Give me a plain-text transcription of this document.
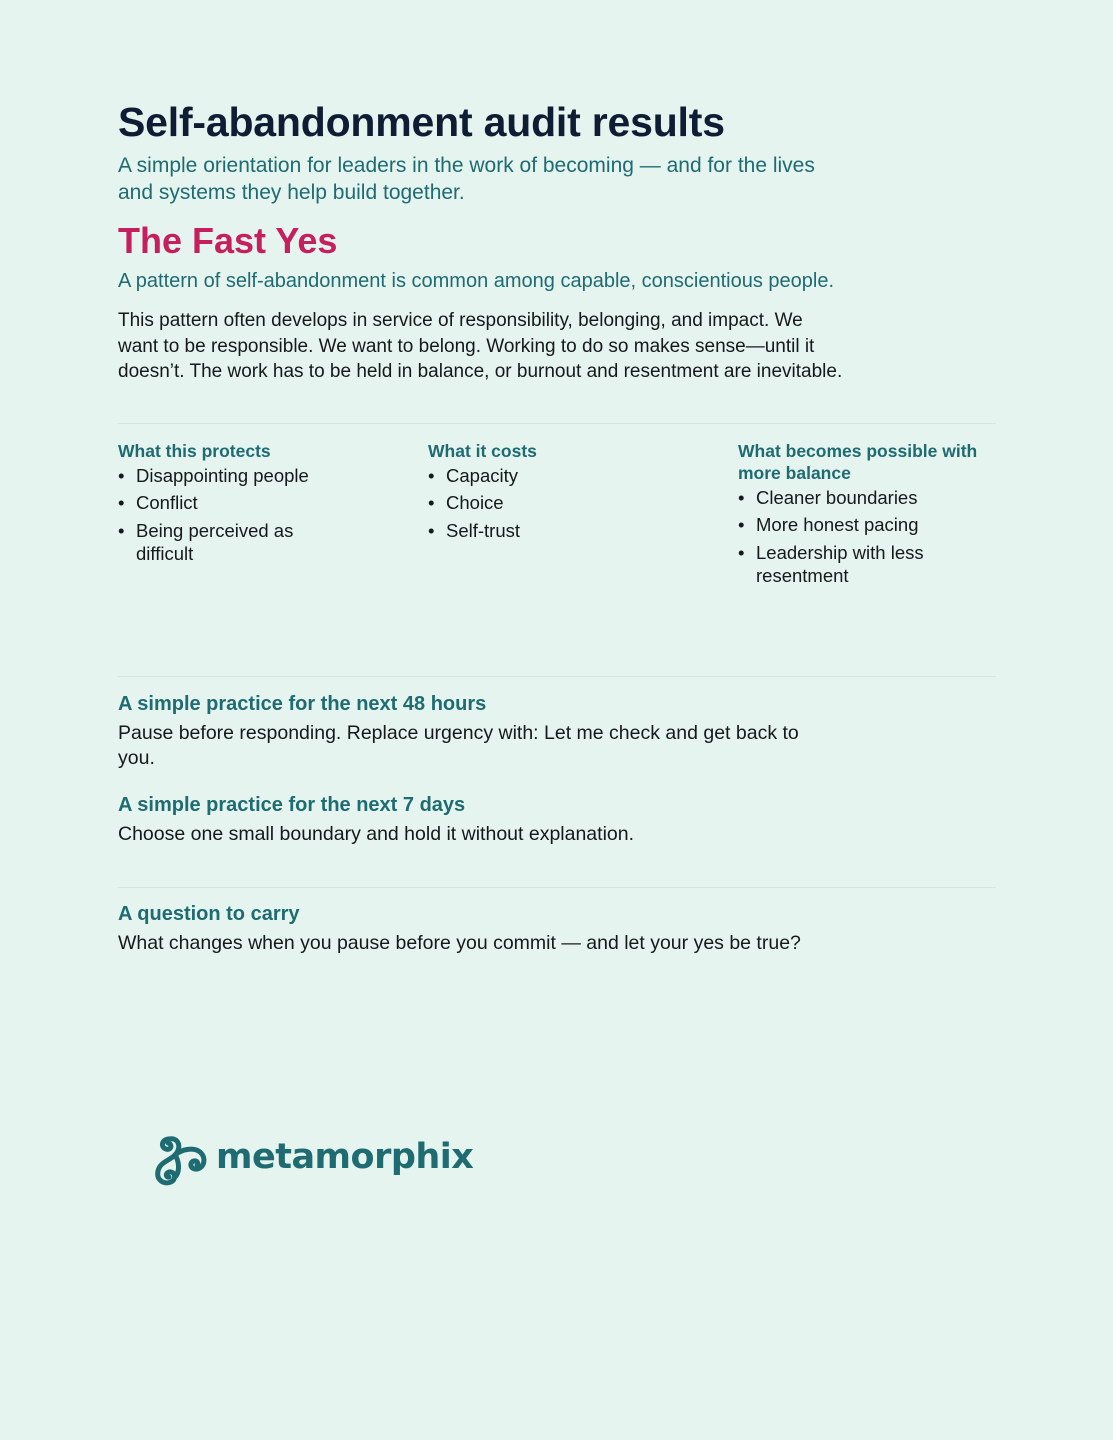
Self-abandonment audit results

A simple orientation for leaders in the work of becoming — and for the lives and systems they help build together.

The Fast Yes

A pattern of self-abandonment is common among capable, conscientious people.

This pattern often develops in service of responsibility, belonging, and impact. We want to be responsible. We want to belong. Working to do so makes sense—until it doesn’t. The work has to be held in balance, or burnout and resentment are inevitable.

What this protects
• Disappointing people
• Conflict
• Being perceived as difficult
What it costs
• Capacity
• Choice
• Self-trust
What becomes possible with more balance
• Cleaner boundaries
• More honest pacing
• Leadership with less resentment
A simple practice for the next 48 hours

Pause before responding. Replace urgency with: Let me check and get back to you.

A simple practice for the next 7 days

Choose one small boundary and hold it without explanation.

A question to carry

What changes when you pause before you commit — and let your yes be true?

metamorphix
